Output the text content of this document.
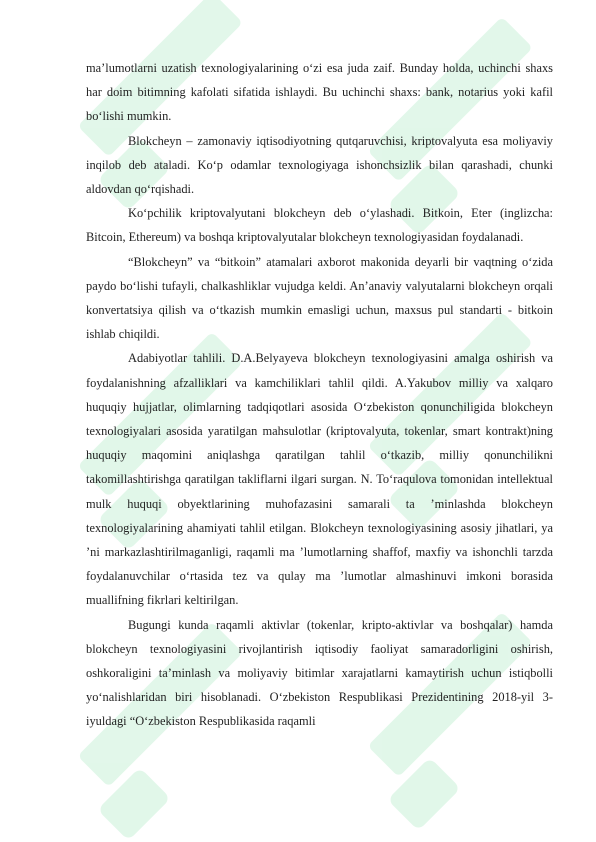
ma’lumotlarni uzatish texnologiyalarining o‘zi esa juda zaif. Bunday holda, uchinchi shaxs har doim bitimning kafolati sifatida ishlaydi. Bu uchinchi shaxs: bank, notarius yoki kafil bo‘lishi mumkin.

Blokcheyn – zamonaviy iqtisodiyotning qutqaruvchisi, kriptovalyuta esa moliyaviy inqilob deb ataladi. Ko‘p odamlar texnologiyaga ishonchsizlik bilan qarashadi, chunki aldovdan qo‘rqishadi.

Ko‘pchilik kriptovalyutani blokcheyn deb o‘ylashadi. Bitkoin, Eter (inglizcha: Bitcoin, Ethereum) va boshqa kriptovalyutalar blokcheyn texnologiyasidan foydalanadi.

“Blokcheyn” va “bitkoin” atamalari axborot makonida deyarli bir vaqtning o‘zida paydo bo‘lishi tufayli, chalkashliklar vujudga keldi. An’anaviy valyutalarni blokcheyn orqali konvertatsiya qilish va o‘tkazish mumkin emasligi uchun, maxsus pul standarti - bitkoin ishlab chiqildi.

Adabiyotlar tahlili. D.A.Belyayeva blokcheyn texnologiyasini amalga oshirish va foydalanishning afzalliklari va kamchiliklari tahlil qildi. A.Yakubov milliy va xalqaro huquqiy hujjatlar, olimlarning tadqiqotlari asosida O‘zbekiston qonunchiligida blokcheyn texnologiyalari asosida yaratilgan mahsulotlar (kriptovalyuta, tokenlar, smart kontrakt)ning huquqiy maqomini aniqlashga qaratilgan tahlil o‘tkazib, milliy qonunchilikni takomillashtirishga qaratilgan takliflarni ilgari surgan. N. To‘raqulova tomonidan intellektual mulk huquqi obyektlarining muhofazasini samarali ta ’minlashda blokcheyn texnologiyalarining ahamiyati tahlil etilgan. Blokcheyn texnologiyasining asosiy jihatlari, ya ’ni markazlashtirilmaganligi, raqamli ma ’lumotlarning shaffof, maxfiy va ishonchli tarzda foydalanuvchilar o‘rtasida tez va qulay ma ’lumotlar almashinuvi imkoni borasida muallifning fikrlari keltirilgan.

Bugungi kunda raqamli aktivlar (tokenlar, kripto-aktivlar va boshqalar) hamda blokcheyn texnologiyasini rivojlantirish iqtisodiy faoliyat samaradorligini oshirish, oshkoraligini ta’minlash va moliyaviy bitimlar xarajatlarni kamaytirish uchun istiqbolli yo‘nalishlaridan biri hisoblanadi. O‘zbekiston Respublikasi Prezidentining 2018-yil 3-iyuldagi “O‘zbekiston Respublikasida raqamli
